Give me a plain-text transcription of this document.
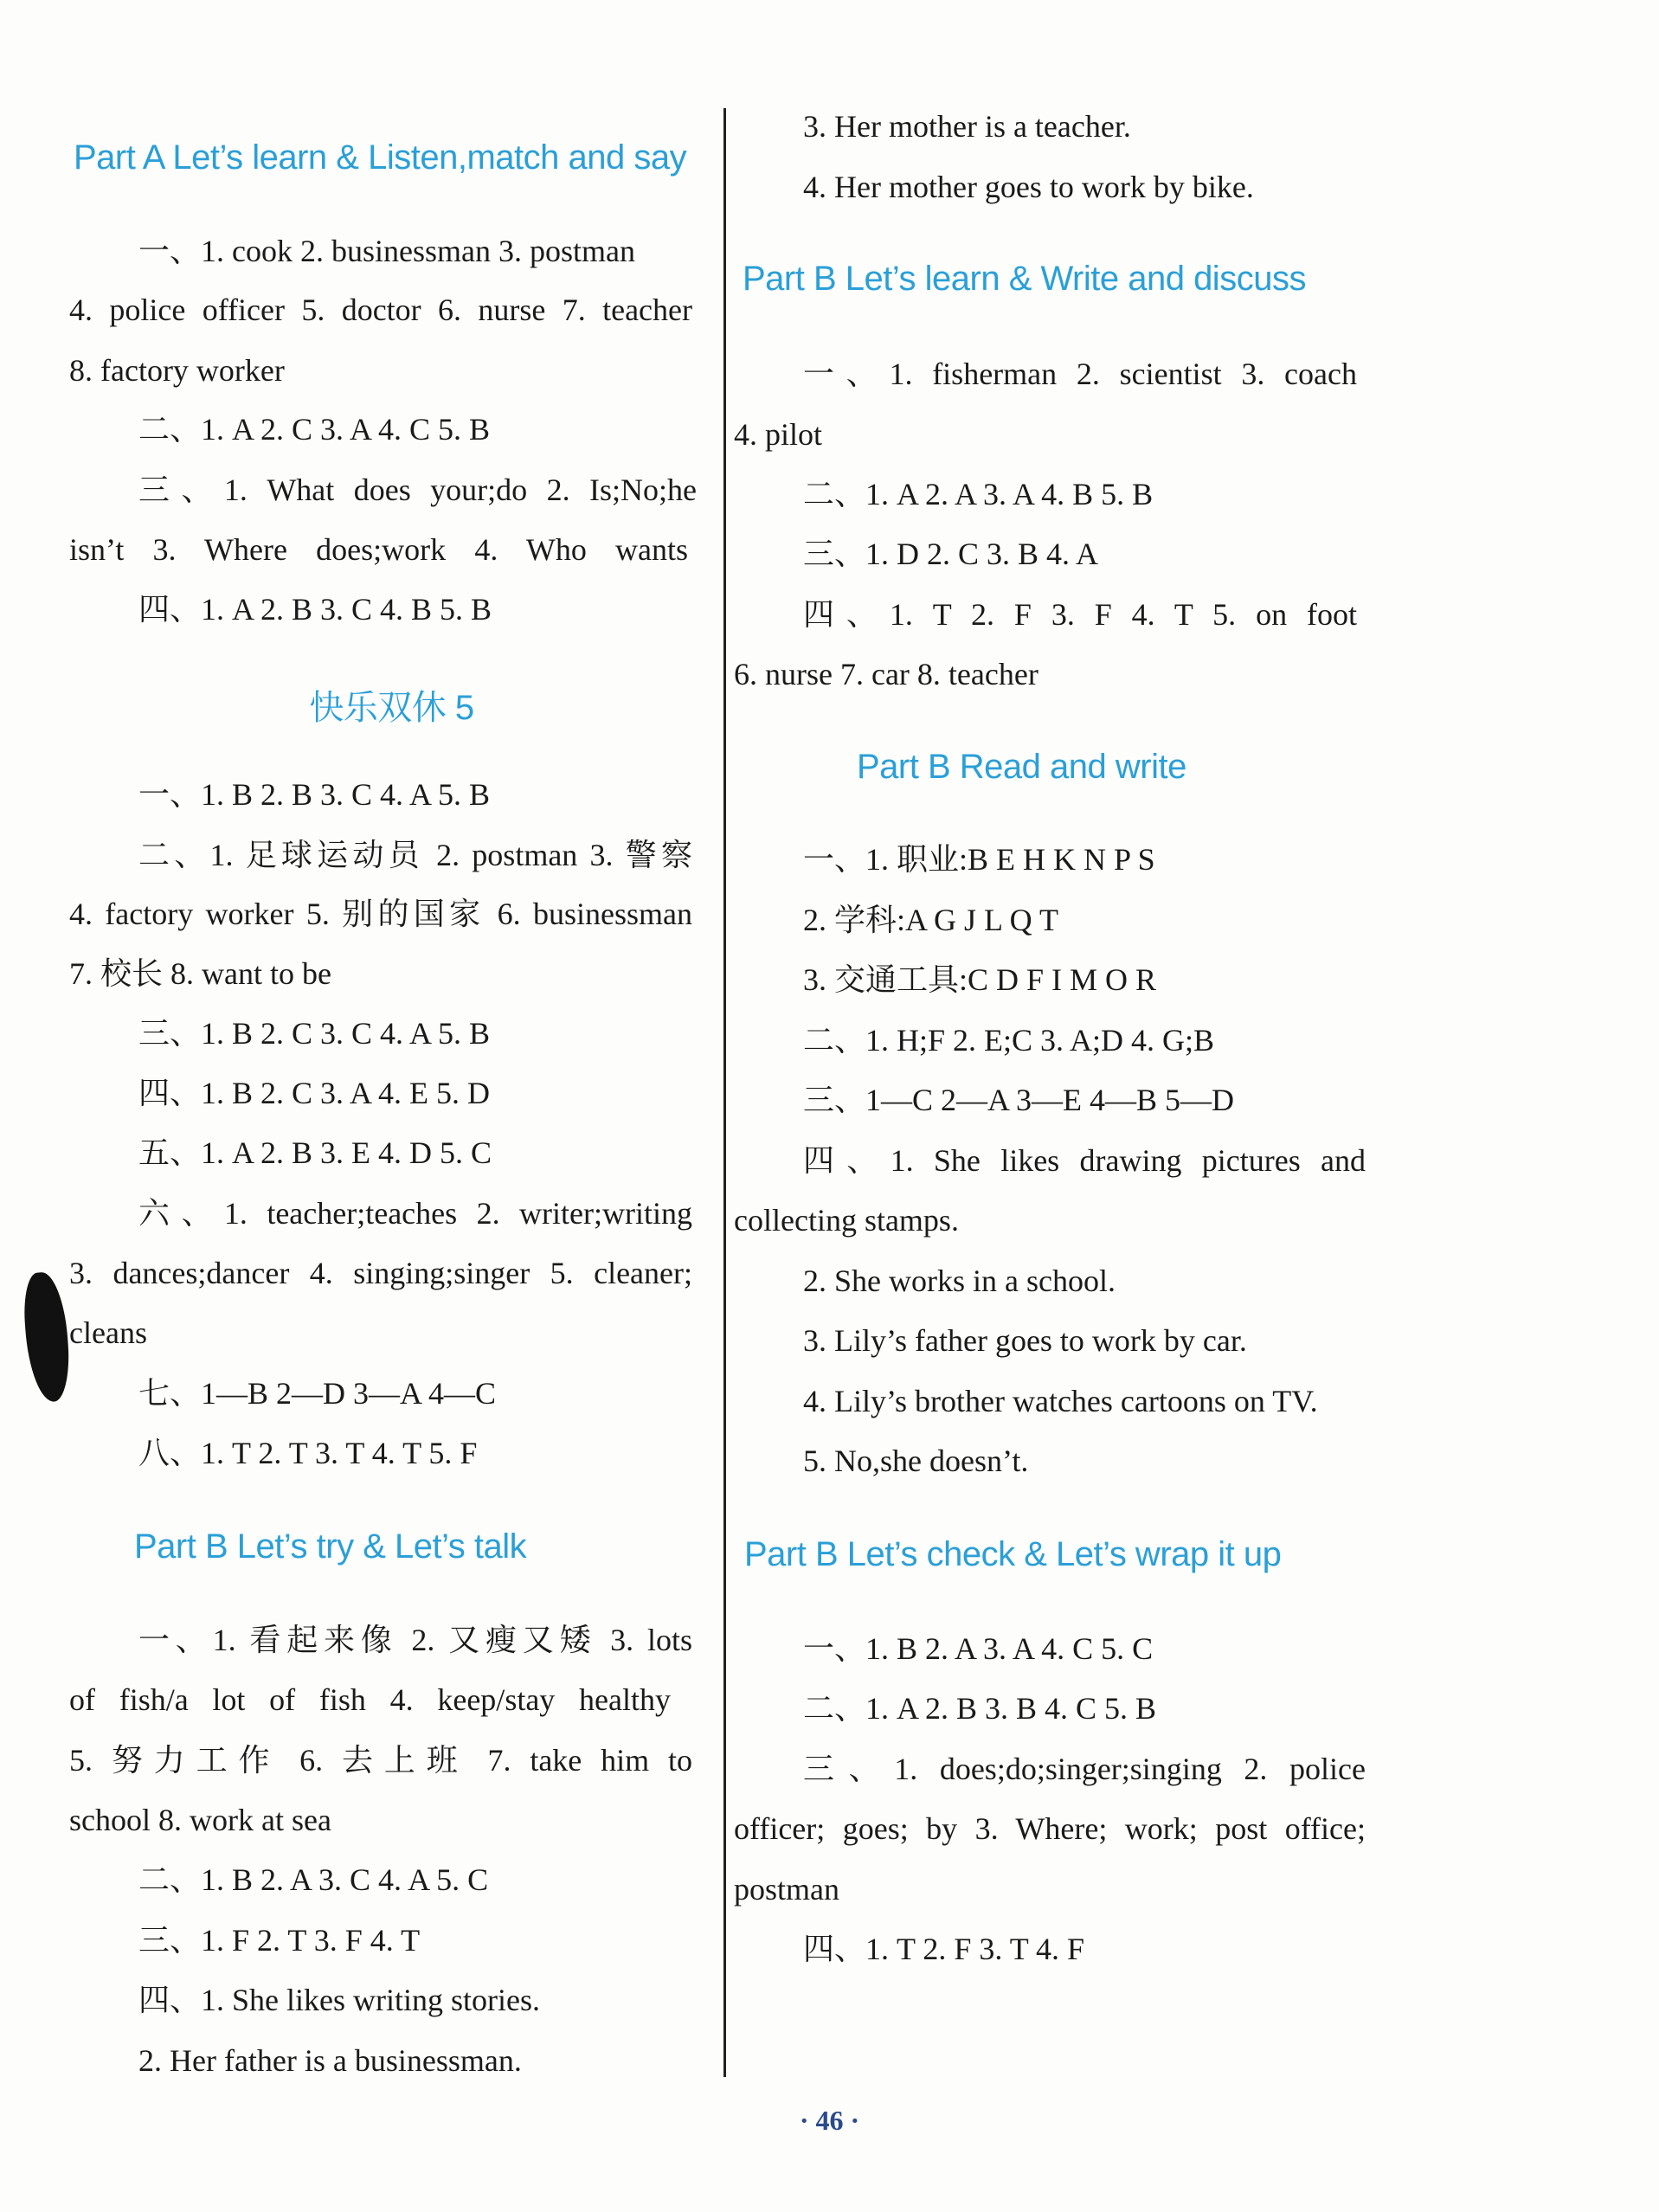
Part A Let’s learn & Listen,match and say
一、1. cook 2. businessman 3. postman
4. police officer 5. doctor 6. nurse 7. teacher
8. factory worker
二、1. A 2. C 3. A 4. C 5. B
三、1. What does your;do 2. Is;No;he
isn’t 3. Where does;work 4. Who wants
四、1. A 2. B 3. C 4. B 5. B
快乐双休 5
一、1. B 2. B 3. C 4. A 5. B
二、1. 足球运动员 2. postman 3. 警察
4. factory worker 5. 别的国家 6. businessman
7. 校长 8. want to be
三、1. B 2. C 3. C 4. A 5. B
四、1. B 2. C 3. A 4. E 5. D
五、1. A 2. B 3. E 4. D 5. C
六、1. teacher;teaches 2. writer;writing
3. dances;dancer 4. singing;singer 5. cleaner;
cleans
七、1—B 2—D 3—A 4—C
八、1. T 2. T 3. T 4. T 5. F
Part B Let’s try & Let’s talk
一、1. 看起来像 2. 又瘦又矮 3. lots
of fish/a lot of fish 4. keep/stay healthy
5. 努力工作 6. 去上班 7. take him to
school 8. work at sea
二、1. B 2. A 3. C 4. A 5. C
三、1. F 2. T 3. F 4. T
四、1. She likes writing stories.
2. Her father is a businessman.
3. Her mother is a teacher.
4. Her mother goes to work by bike.
Part B Let’s learn & Write and discuss
一、1. fisherman 2. scientist 3. coach
4. pilot
二、1. A 2. A 3. A 4. B 5. B
三、1. D 2. C 3. B 4. A
四、1. T 2. F 3. F 4. T 5. on foot
6. nurse 7. car 8. teacher
Part B Read and write
一、1. 职业:B E H K N P S
2. 学科:A G J L Q T
3. 交通工具:C D F I M O R
二、1. H;F 2. E;C 3. A;D 4. G;B
三、1—C 2—A 3—E 4—B 5—D
四、1. She likes drawing pictures and
collecting stamps.
2. She works in a school.
3. Lily’s father goes to work by car.
4. Lily’s brother watches cartoons on TV.
5. No,she doesn’t.
Part B Let’s check & Let’s wrap it up
一、1. B 2. A 3. A 4. C 5. C
二、1. A 2. B 3. B 4. C 5. B
三、1. does;do;singer;singing 2. police
officer; goes; by 3. Where; work; post office;
postman
四、1. T 2. F 3. T 4. F
· 46 ·
